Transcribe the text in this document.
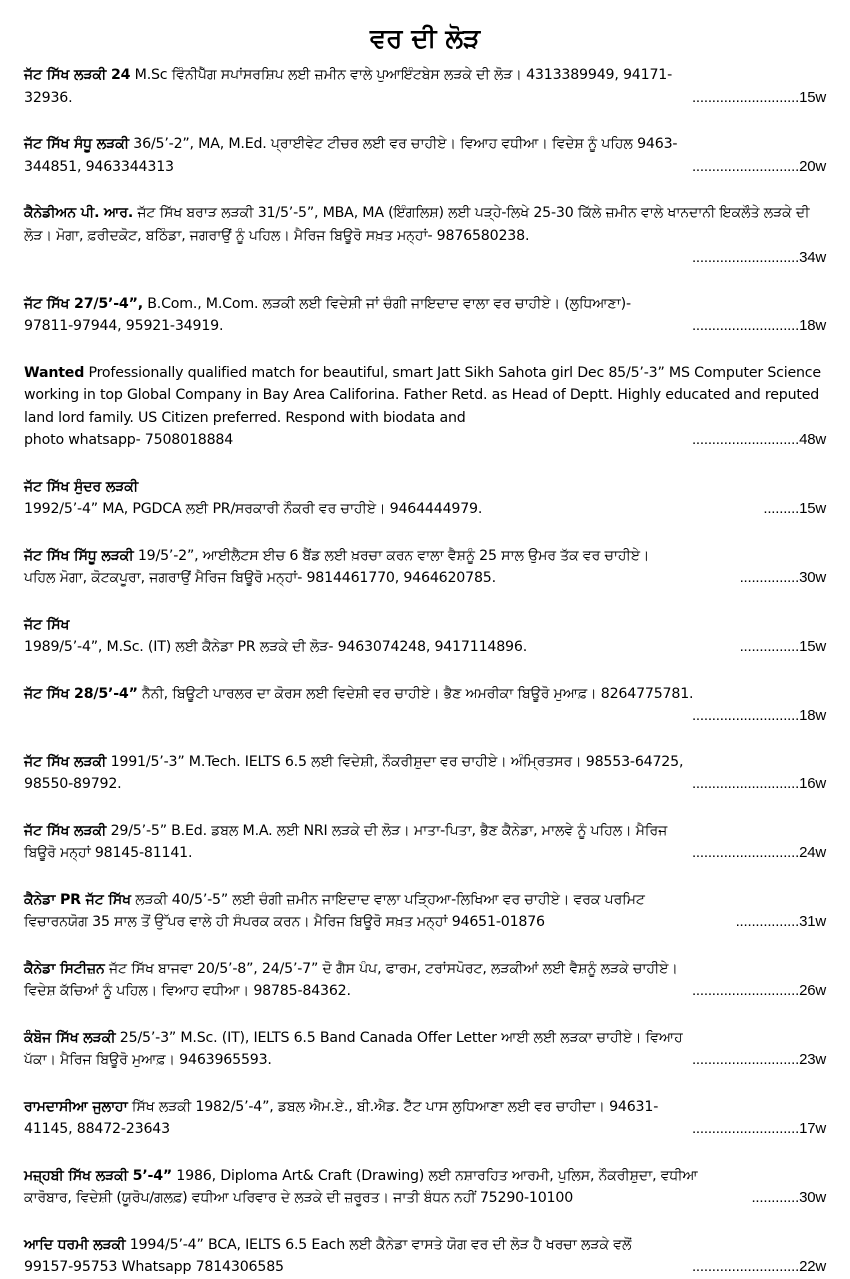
ਵਰ ਦੀ ਲੋੜ
ਜੱਟ ਸਿੱਖ ਲੜਕੀ 24 M.Sc ਵਿੰਨੀਪੈੱਗ ਸਪਾਂਸਰਸ਼ਿਪ ਲਈ ਜ਼ਮੀਨ ਵਾਲੇ ਪੁਆਇੰਟਬੇਸ ਲੜਕੇ ਦੀ ਲੋੜ। 4313389949, 94171-
32936.	...........................15w
ਜੱਟ ਸਿੱਖ ਸੰਧੂ ਲੜਕੀ 36/5’-2”, MA, M.Ed. ਪ੍ਰਾਈਵੇਟ ਟੀਚਰ ਲਈ ਵਰ ਚਾਹੀਏ। ਵਿਆਹ ਵਧੀਆ। ਵਿਦੇਸ਼ ਨੂੰ ਪਹਿਲ 9463-
344851, 9463344313	...........................20w
ਕੈਨੇਡੀਅਨ ਪੀ. ਆਰ. ਜੱਟ ਸਿੱਖ ਬਰਾੜ ਲੜਕੀ 31/5’-5”, MBA, MA (ਇੰਗਲਿਸ਼) ਲਈ ਪੜ੍ਹੇ-ਲਿਖੇ 25-30 ਕਿੱਲੇ ਜ਼ਮੀਨ ਵਾਲੇ ਖਾਨਦਾਨੀ ਇਕਲੌਤੇ ਲੜਕੇ ਦੀ ਲੋੜ। ਮੋਗਾ, ਫ਼ਰੀਦਕੋਟ, ਬਠਿੰਡਾ, ਜਗਰਾਉਂ ਨੂੰ ਪਹਿਲ। ਮੈਰਿਜ ਬਿਊਰੋ ਸਖ਼ਤ ਮਨ੍ਹਾਂ- 9876580238.
...........................34w
ਜੱਟ ਸਿੱਖ 27/5’-4”, B.Com., M.Com. ਲੜਕੀ ਲਈ ਵਿਦੇਸ਼ੀ ਜਾਂ ਚੰਗੀ ਜਾਇਦਾਦ ਵਾਲਾ ਵਰ ਚਾਹੀਏ। (ਲੁਧਿਆਣਾ)-
97811-97944, 95921-34919.	...........................18w
Wanted Professionally qualified match for beautiful, smart Jatt Sikh Sahota girl Dec 85/5’-3” MS Computer Science working in top Global Company in Bay Area Califorina. Father Retd. as Head of Deptt. Highly educated and reputed land lord family. US Citizen preferred. Respond with biodata and
photo whatsapp- 7508018884	...........................48w
ਜੱਟ ਸਿੱਖ ਸੁੰਦਰ ਲੜਕੀ
1992/5’-4” MA, PGDCA ਲਈ PR/ਸਰਕਾਰੀ ਨੌਕਰੀ ਵਰ ਚਾਹੀਏ। 9464444979.	.........15w
ਜੱਟ ਸਿੱਖ ਸਿੱਧੂ ਲੜਕੀ 19/5’-2”, ਆਈਲੈਟਸ ਈਚ 6 ਬੈਂਡ ਲਈ ਖ਼ਰਚਾ ਕਰਨ ਵਾਲਾ ਵੈਸ਼ਨੂੰ 25 ਸਾਲ ਉਮਰ ਤੱਕ ਵਰ ਚਾਹੀਏ।
ਪਹਿਲ ਮੋਗਾ, ਕੋਟਕਪੂਰਾ, ਜਗਰਾਉਂ ਮੈਰਿਜ ਬਿਊਰੋ ਮਨ੍ਹਾਂ- 9814461770, 9464620785.	...............30w
ਜੱਟ ਸਿੱਖ
1989/5’-4”, M.Sc. (IT) ਲਈ ਕੈਨੇਡਾ PR ਲੜਕੇ ਦੀ ਲੋੜ- 9463074248, 9417114896.	...............15w
ਜੱਟ ਸਿੱਖ 28/5’-4” ਨੈਨੀ, ਬਿਊਟੀ ਪਾਰਲਰ ਦਾ ਕੋਰਸ ਲਈ ਵਿਦੇਸ਼ੀ ਵਰ ਚਾਹੀਏ। ਭੈਣ ਅਮਰੀਕਾ ਬਿਊਰੋ ਮੁਆਫ਼। 8264775781.
...........................18w
ਜੱਟ ਸਿੱਖ ਲੜਕੀ 1991/5’-3” M.Tech. IELTS 6.5 ਲਈ ਵਿਦੇਸ਼ੀ, ਨੌਕਰੀਸ਼ੁਦਾ ਵਰ ਚਾਹੀਏ। ਅੰਮ੍ਰਿਤਸਰ। 98553-64725,
98550-89792.	...........................16w
ਜੱਟ ਸਿੱਖ ਲੜਕੀ 29/5’-5” B.Ed. ਡਬਲ M.A. ਲਈ NRI ਲੜਕੇ ਦੀ ਲੋੜ। ਮਾਤਾ-ਪਿਤਾ, ਭੈਣ ਕੈਨੇਡਾ, ਮਾਲਵੇ ਨੂੰ ਪਹਿਲ। ਮੈਰਿਜ
ਬਿਊਰੋ ਮਨ੍ਹਾਂ 98145-81141.	...........................24w
ਕੈਨੇਡਾ PR ਜੱਟ ਸਿੱਖ ਲੜਕੀ 40/5’-5” ਲਈ ਚੰਗੀ ਜ਼ਮੀਨ ਜਾਇਦਾਦ ਵਾਲਾ ਪੜ੍ਹਿਆ-ਲਿਖਿਆ ਵਰ ਚਾਹੀਏ। ਵਰਕ ਪਰਮਿਟ
ਵਿਚਾਰਨਯੋਗ 35 ਸਾਲ ਤੋਂ ਉੱਪਰ ਵਾਲੇ ਹੀ ਸੰਪਰਕ ਕਰਨ। ਮੈਰਿਜ ਬਿਊਰੋ ਸਖ਼ਤ ਮਨ੍ਹਾਂ 94651-01876	................31w
ਕੈਨੇਡਾ ਸਿਟੀਜ਼ਨ ਜੱਟ ਸਿੱਖ ਬਾਜਵਾ 20/5’-8”, 24/5’-7” ਦੋ ਗੈਸ ਪੰਪ, ਫਾਰਮ, ਟਰਾਂਸਪੋਰਟ, ਲੜਕੀਆਂ ਲਈ ਵੈਸ਼ਨੂੰ ਲੜਕੇ ਚਾਹੀਏ।
ਵਿਦੇਸ਼ ਕੱਚਿਆਂ ਨੂੰ ਪਹਿਲ। ਵਿਆਹ ਵਧੀਆ। 98785-84362.	...........................26w
ਕੰਬੋਜ ਸਿੱਖ ਲੜਕੀ 25/5’-3” M.Sc. (IT), IELTS 6.5 Band Canada Offer Letter ਆਈ ਲਈ ਲੜਕਾ ਚਾਹੀਏ। ਵਿਆਹ
ਪੱਕਾ। ਮੈਰਿਜ ਬਿਊਰੋ ਮੁਆਫ਼। 9463965593.	...........................23w
ਰਾਮਦਾਸੀਆ ਜੁਲਾਹਾ ਸਿੱਖ ਲੜਕੀ 1982/5’-4”, ਡਬਲ ਐਮ.ਏ., ਬੀ.ਐਡ. ਟੈੱਟ ਪਾਸ ਲੁਧਿਆਣਾ ਲਈ ਵਰ ਚਾਹੀਦਾ। 94631-
41145, 88472-23643	...........................17w
ਮਜ਼੍ਹਬੀ ਸਿੱਖ ਲੜਕੀ 5’-4” 1986, Diploma Art& Craft (Drawing) ਲਈ ਨਸ਼ਾਰਹਿਤ ਆਰਮੀ, ਪੁਲਿਸ, ਨੌਕਰੀਸ਼ੁਦਾ, ਵਧੀਆ
ਕਾਰੋਬਾਰ, ਵਿਦੇਸ਼ੀ (ਯੂਰੋਪ/ਗਲਫ਼) ਵਧੀਆ ਪਰਿਵਾਰ ਦੇ ਲੜਕੇ ਦੀ ਜ਼ਰੂਰਤ। ਜਾਤੀ ਬੰਧਨ ਨਹੀਂ 75290-10100	............30w
ਆਦਿ ਧਰਮੀ ਲੜਕੀ 1994/5’-4” BCA, IELTS 6.5 Each ਲਈ ਕੈਨੇਡਾ ਵਾਸਤੇ ਯੋਗ ਵਰ ਦੀ ਲੋੜ ਹੈ ਖਰਚਾ ਲੜਕੇ ਵਲੋਂ
99157-95753 Whatsapp 7814306585	...........................22w
